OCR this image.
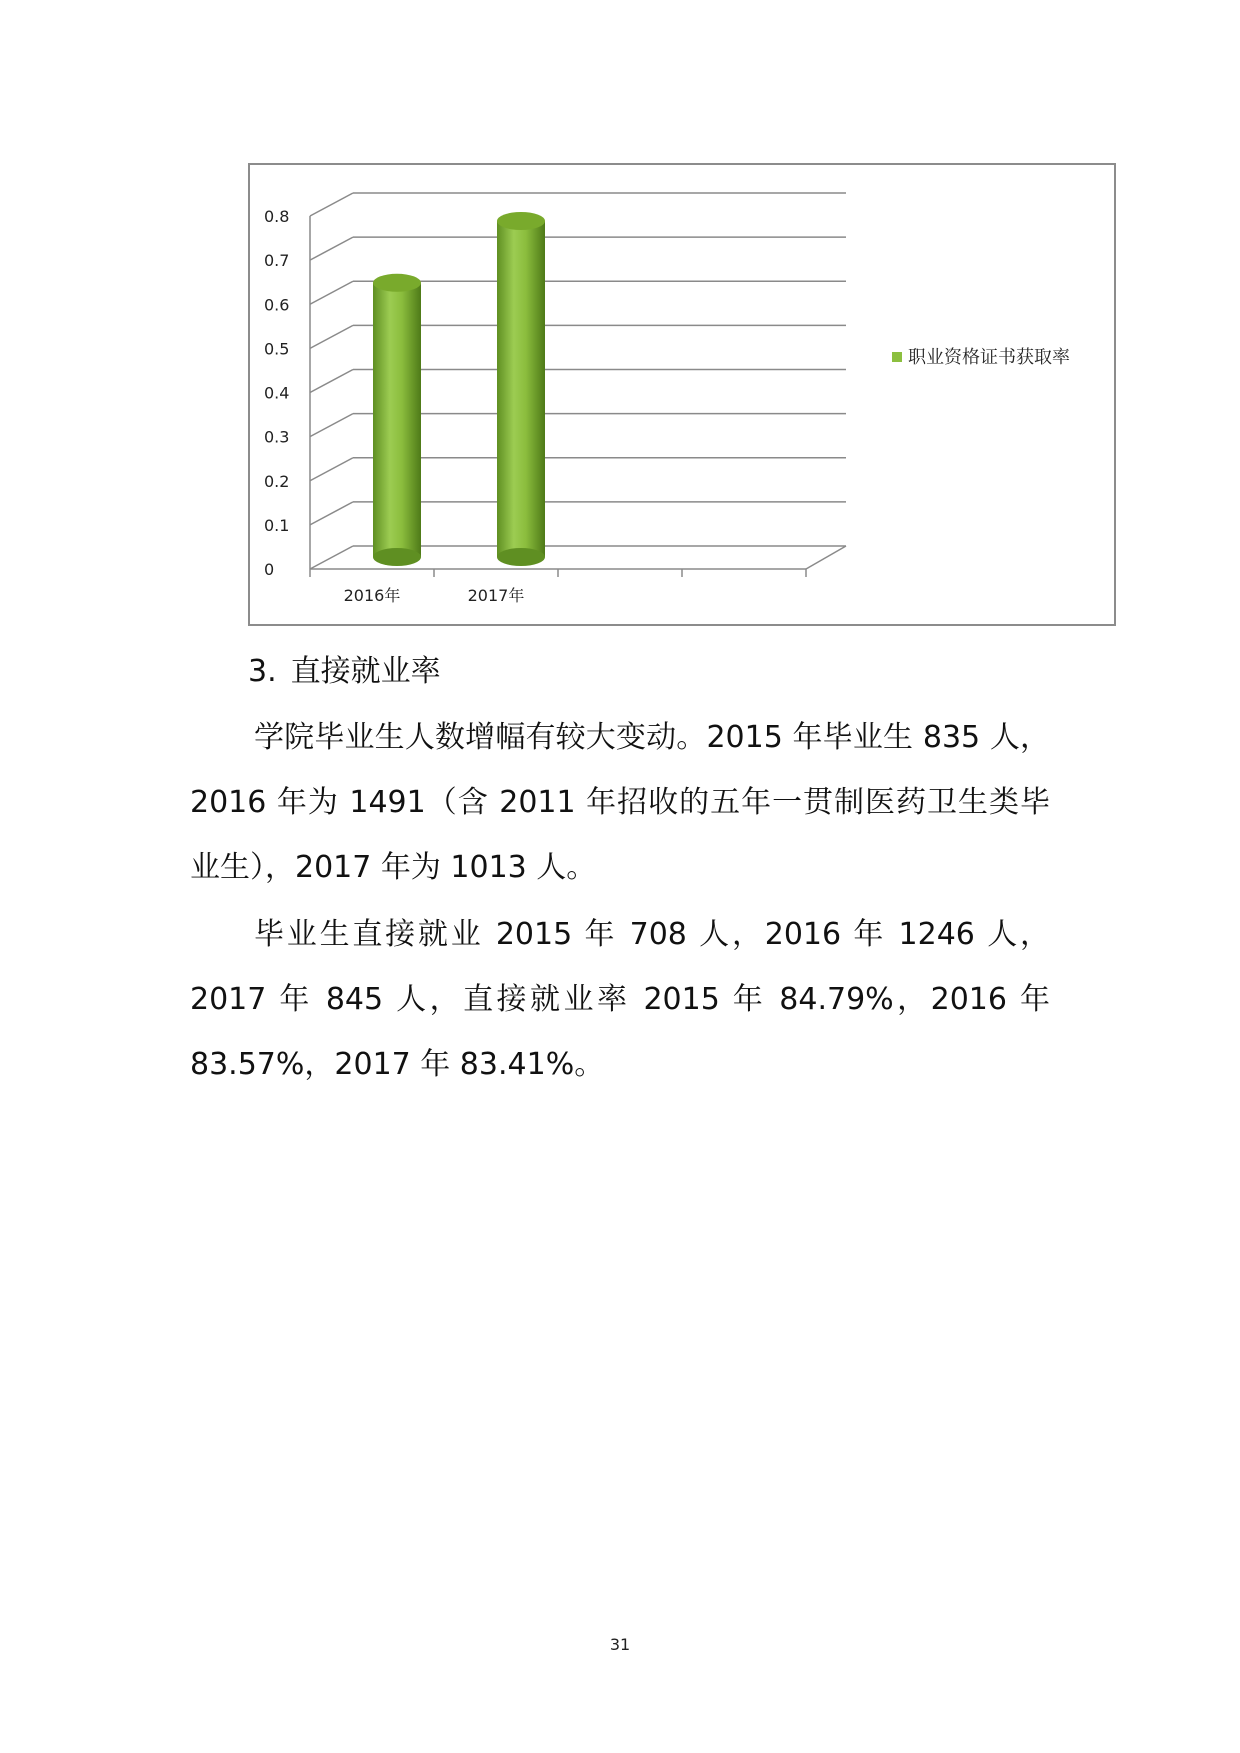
0
0.1
0.2
0.3
0.4
0.5
0.6
0.7
0.8
2016年	2017年
职业资格证书获取率
3. 直接就业率

学院毕业生人数增幅有较大变动。2015 年毕业生 835 人，2016 年为 1491（含 2011 年招收的五年一贯制医药卫生类毕业生），2017 年为 1013 人。

毕业生直接就业 2015 年 708 人，2016 年 1246 人，2017 年 845 人，直接就业率 2015 年 84.79%，2016 年 83.57%，2017 年 83.41%。

31
